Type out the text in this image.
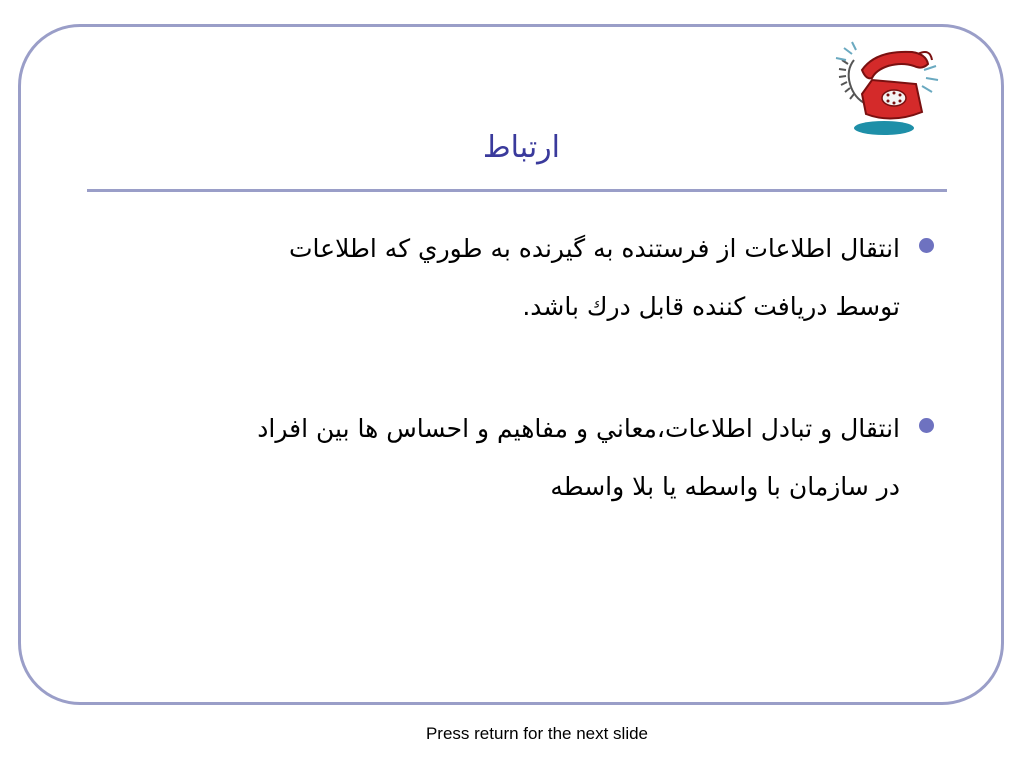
ارتباط
انتقال اطلاعات از فرستنده به گيرنده به طوري كه اطلاعات
توسط دريافت كننده قابل درك باشد.
انتقال و تبادل اطلاعات،معاني و مفاهيم و احساس ها بين افراد
در سازمان با واسطه يا بلا واسطه
Press return for the next slide
